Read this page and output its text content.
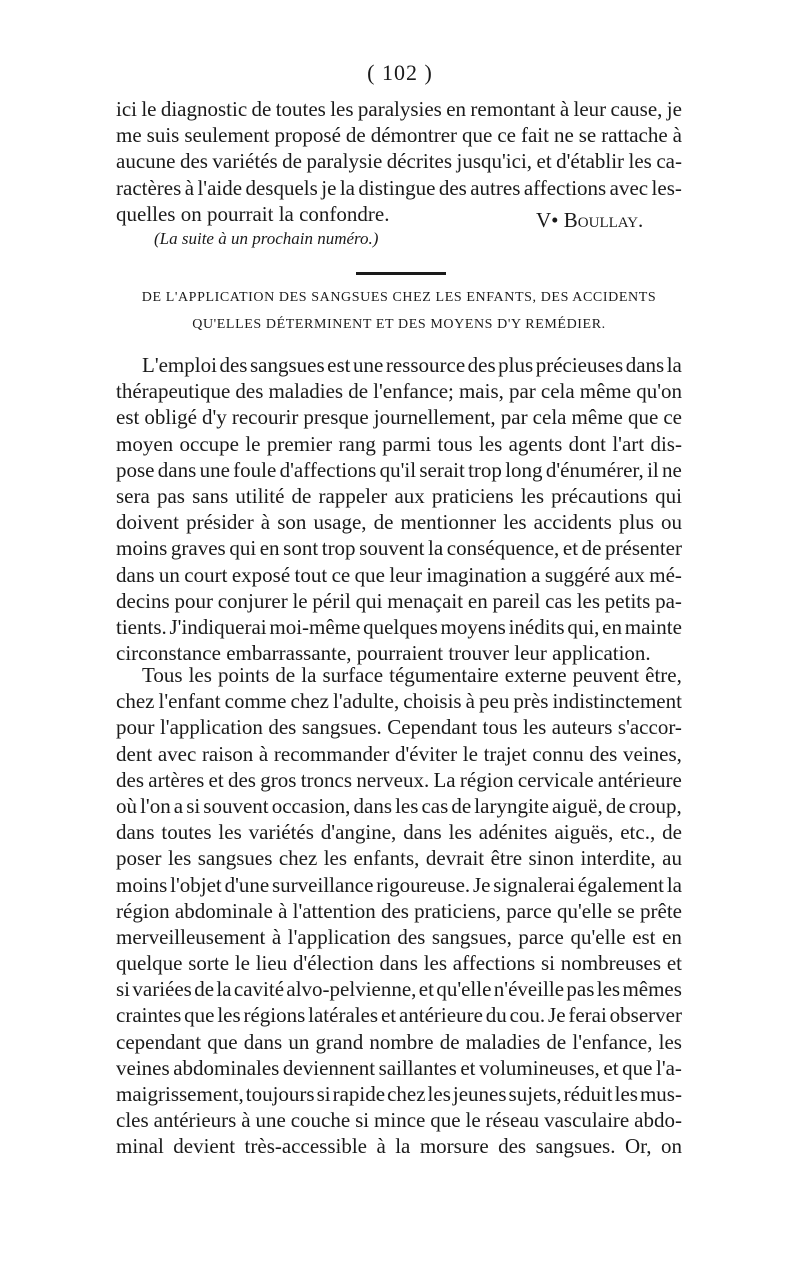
( 102 )
ici le diagnostic de toutes les paralysies en remontant à leur cause, je
me suis seulement proposé de démontrer que ce fait ne se rattache à
aucune des variétés de paralysie décrites jusqu'ici, et d'établir les ca-
ractères à l'aide desquels je la distingue des autres affections avec les-
quelles on pourrait la confondre.	V• Boullay.
(La suite à un prochain numéro.)
DE L'APPLICATION DES SANGSUES CHEZ LES ENFANTS, DES ACCIDENTS
QU'ELLES DÉTERMINENT ET DES MOYENS D'Y REMÉDIER.
L'emploi des sangsues est une ressource des plus précieuses dans la
thérapeutique des maladies de l'enfance; mais, par cela même qu'on
est obligé d'y recourir presque journellement, par cela même que ce
moyen occupe le premier rang parmi tous les agents dont l'art dis-
pose dans une foule d'affections qu'il serait trop long d'énumérer, il ne
sera pas sans utilité de rappeler aux praticiens les précautions qui
doivent présider à son usage, de mentionner les accidents plus ou
moins graves qui en sont trop souvent la conséquence, et de présenter
dans un court exposé tout ce que leur imagination a suggéré aux mé-
decins pour conjurer le péril qui menaçait en pareil cas les petits pa-
tients. J'indiquerai moi-même quelques moyens inédits qui, en mainte
circonstance embarrassante, pourraient trouver leur application.
Tous les points de la surface tégumentaire externe peuvent être,
chez l'enfant comme chez l'adulte, choisis à peu près indistinctement
pour l'application des sangsues. Cependant tous les auteurs s'accor-
dent avec raison à recommander d'éviter le trajet connu des veines,
des artères et des gros troncs nerveux. La région cervicale antérieure
où l'on a si souvent occasion, dans les cas de laryngite aiguë, de croup,
dans toutes les variétés d'angine, dans les adénites aiguës, etc., de
poser les sangsues chez les enfants, devrait être sinon interdite, au
moins l'objet d'une surveillance rigoureuse. Je signalerai également la
région abdominale à l'attention des praticiens, parce qu'elle se prête
merveilleusement à l'application des sangsues, parce qu'elle est en
quelque sorte le lieu d'élection dans les affections si nombreuses et
si variées de la cavité alvo-pelvienne, et qu'elle n'éveille pas les mêmes
craintes que les régions latérales et antérieure du cou. Je ferai observer
cependant que dans un grand nombre de maladies de l'enfance, les
veines abdominales deviennent saillantes et volumineuses, et que l'a-
maigrissement, toujours si rapide chez les jeunes sujets, réduit les mus-
cles antérieurs à une couche si mince que le réseau vasculaire abdo-
minal devient très-accessible à la morsure des sangsues. Or, on
